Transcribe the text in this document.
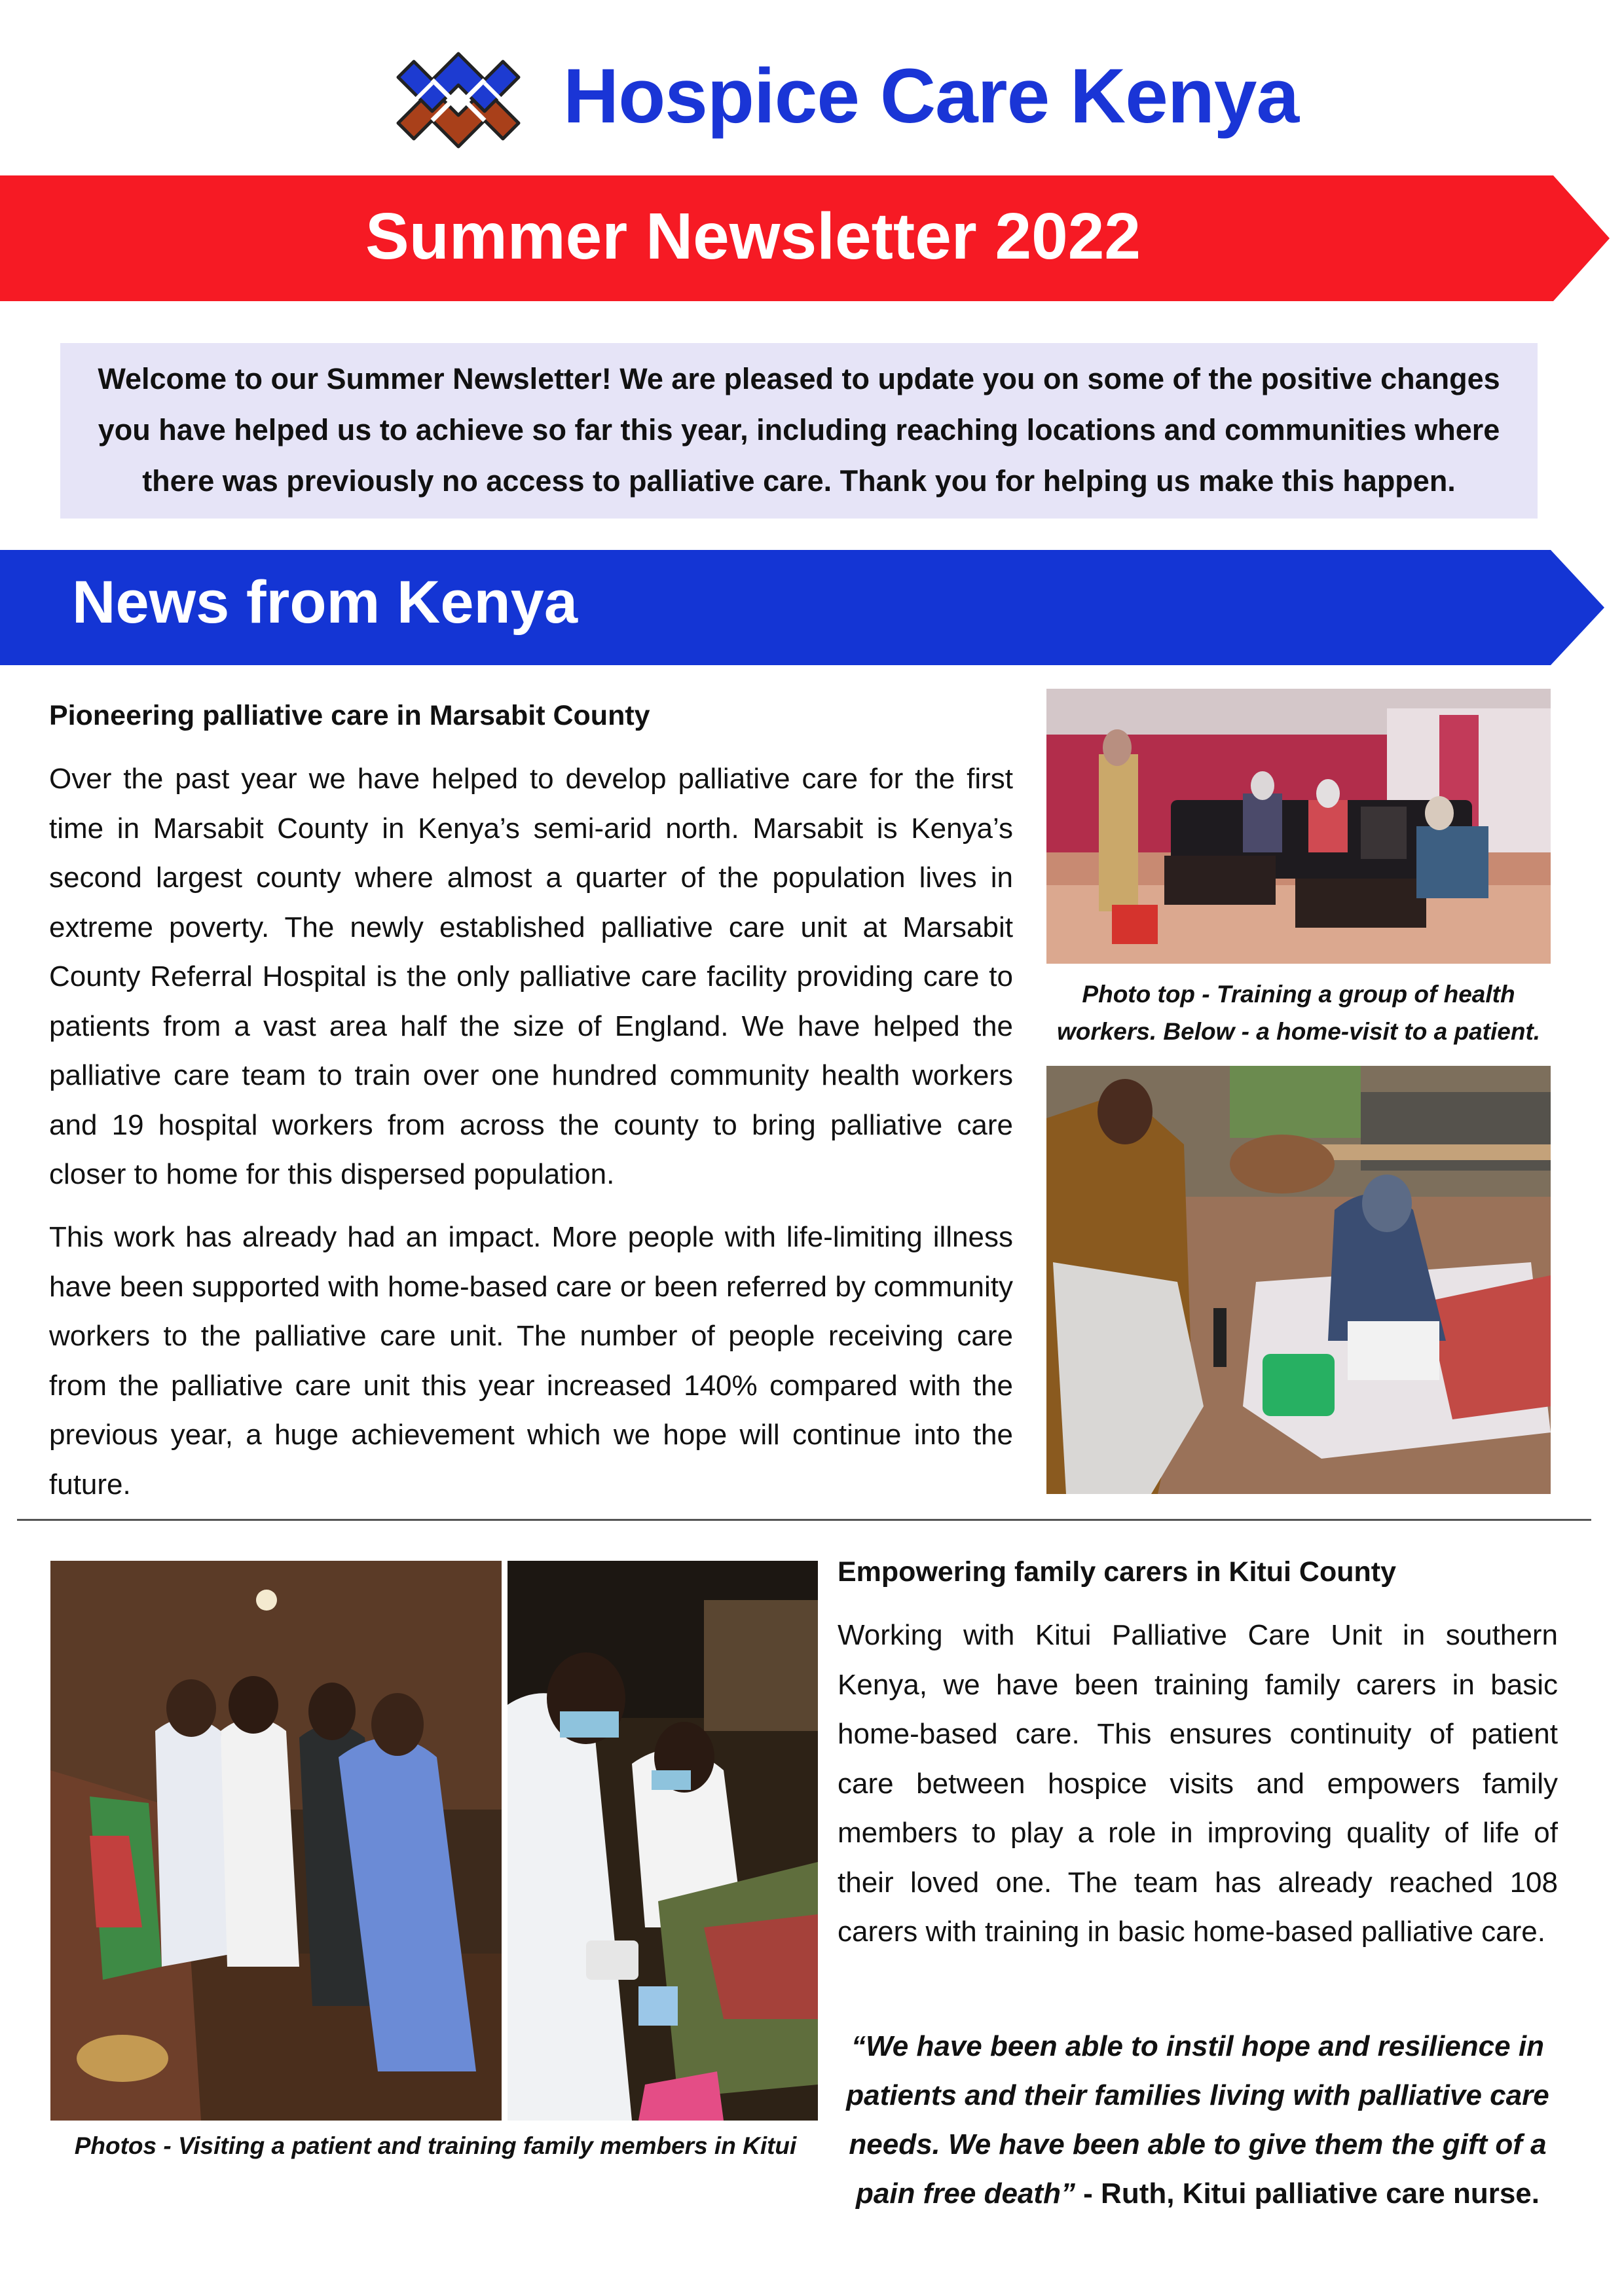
Hospice Care Kenya
Summer Newsletter 2022
Welcome to our Summer Newsletter! We are pleased to update you on some of the positive changes you have helped us to achieve so far this year, including reaching locations and communities where there was previously no access to palliative care. Thank you for helping us make this happen.
News from Kenya
Pioneering palliative care in Marsabit County

Over the past year we have helped to develop palliative care for the first time in Marsabit County in Kenya’s semi-arid north. Marsabit is Kenya’s second largest county where almost a quarter of the population lives in extreme poverty. The newly established palliative care unit at Marsabit County Referral Hospital is the only palliative care facility providing care to patients from a vast area half the size of England. We have helped the palliative care team to train over one hundred community health workers and 19 hospital workers from across the county to bring palliative care closer to home for this dispersed population.

This work has already had an impact. More people with life-limiting illness have been supported with home-based care or been referred by community workers to the palliative care unit. The number of people receiving care from the palliative care unit this year increased 140% compared with the previous year, a huge achievement which we hope will continue into the future.

Photo top - Training a group of health workers. Below - a home-visit to a patient.
Photos - Visiting a patient and training family members in Kitui
Empowering family carers in Kitui County

Working with Kitui Palliative Care Unit in southern Kenya, we have been training family carers in basic home-based care. This ensures continuity of patient care between hospice visits and empowers family members to play a role in improving quality of life of their loved one. The team has already reached 108 carers with training in basic home-based palliative care.

“We have been able to instil hope and resilience in patients and their families living with palliative care needs. We have been able to give them the gift of a pain free death” - Ruth, Kitui palliative care nurse.
